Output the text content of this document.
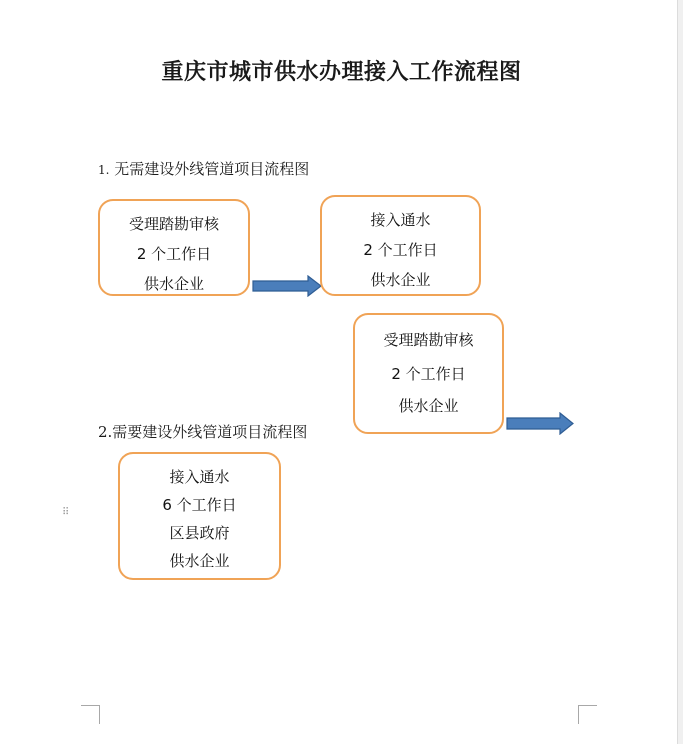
重庆市城市供水办理接入工作流程图
1. 无需建设外线管道项目流程图
受理踏勘审核
2 个工作日
供水企业
接入通水
2 个工作日
供水企业
受理踏勘审核
2 个工作日
供水企业
2.需要建设外线管道项目流程图
⠿
接入通水
6 个工作日
区县政府
供水企业
